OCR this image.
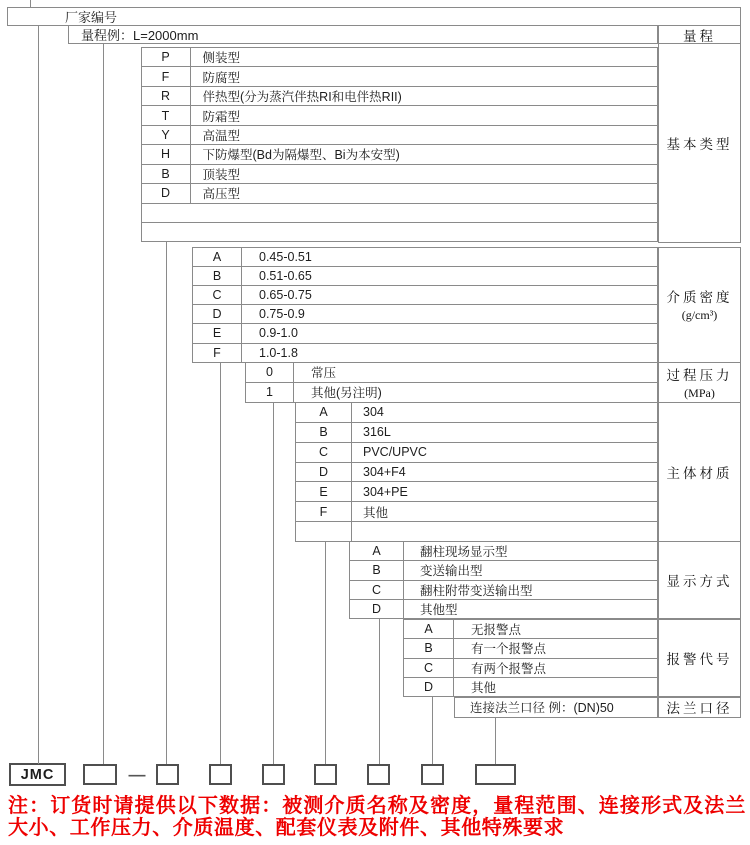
厂家编号
量程例：L=2000mm
连接法兰口径 例：(DN)50
JMC	—
注：订货时请提供以下数据：被测介质名称及密度，量程范围、连接形式及法兰大小、工作压力、介质温度、配套仪表及附件、其他特殊要求
P	侧装型
F	防腐型
R	伴热型(分为蒸汽伴热RI和电伴热RII)
T	防霜型
Y	高温型
H	下防爆型(Bd为隔爆型、Bi为本安型)
B	顶装型
D	高压型
A	0.45-0.51
B	0.51-0.65
C	0.65-0.75
D	0.75-0.9
E	0.9-1.0
F	1.0-1.8
0	常压
1	其他(另注明)
A	304
B	316L
C	PVC/UPVC
D	304+F4
E	304+PE
F	其他
A	翻柱现场显示型
B	变送输出型
C	翻柱附带变送输出型
D	其他型
A	无报警点
B	有一个报警点
C	有两个报警点
D	其他
量程
基本类型
介质密度
(g/cm³)
过程压力
(MPa)
主体材质
显示方式
报警代号
法兰口径
